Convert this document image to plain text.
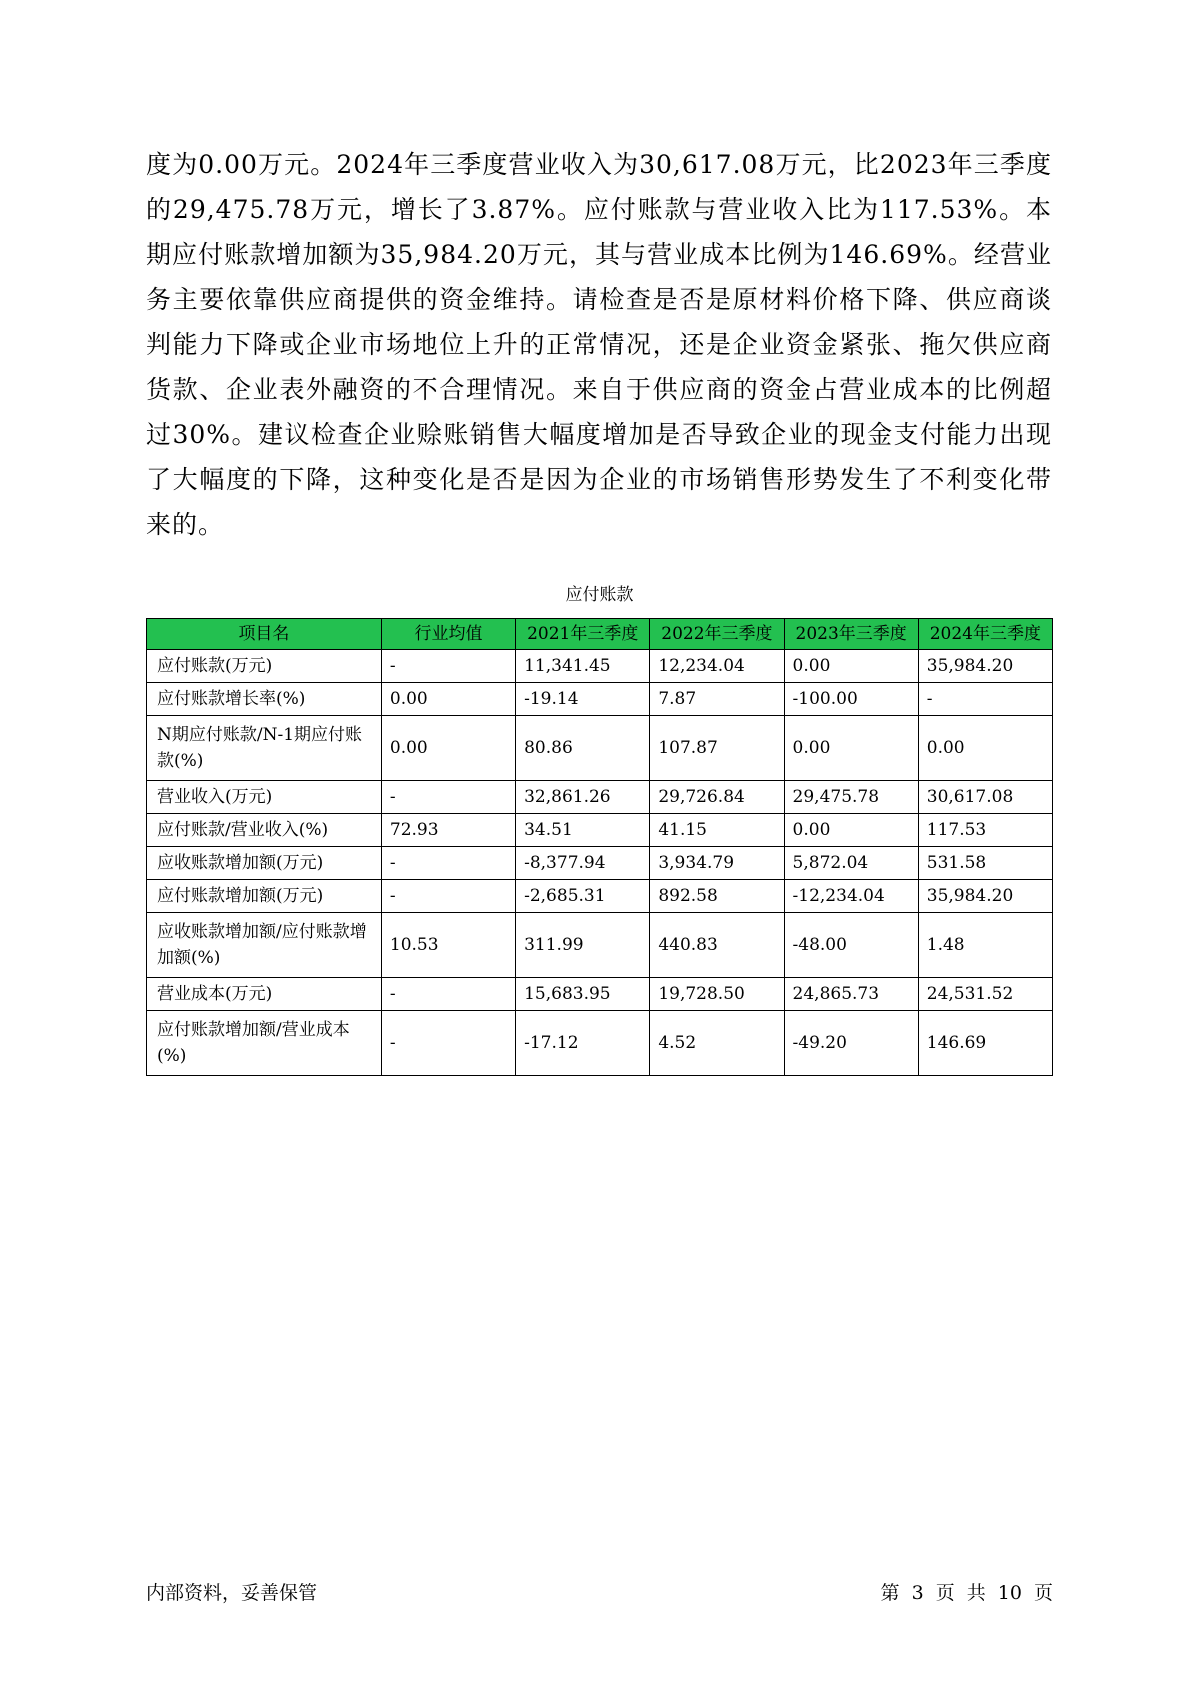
度为0.00万元。2024年三季度营业收入为30,617.08万元，比2023年三季度的29,475.78万元，增长了3.87%。应付账款与营业收入比为117.53%。本期应付账款增加额为35,984.20万元，其与营业成本比例为146.69%。经营业务主要依靠供应商提供的资金维持。请检查是否是原材料价格下降、供应商谈判能力下降或企业市场地位上升的正常情况，还是企业资金紧张、拖欠供应商货款、企业表外融资的不合理情况。来自于供应商的资金占营业成本的比例超过30%。建议检查企业赊账销售大幅度增加是否导致企业的现金支付能力出现了大幅度的下降，这种变化是否是因为企业的市场销售形势发生了不利变化带来的。

应付账款
项目名	行业均值	2021年三季度	2022年三季度	2023年三季度	2024年三季度
应付账款(万元)	-	11,341.45	12,234.04	0.00	35,984.20
应付账款增长率(%)	0.00	-19.14	7.87	-100.00	-
N期应付账款/N-1期应付账款(%)	0.00	80.86	107.87	0.00	0.00
营业收入(万元)	-	32,861.26	29,726.84	29,475.78	30,617.08
应付账款/营业收入(%)	72.93	34.51	41.15	0.00	117.53
应收账款增加额(万元)	-	-8,377.94	3,934.79	5,872.04	531.58
应付账款增加额(万元)	-	-2,685.31	892.58	-12,234.04	35,984.20
应收账款增加额/应付账款增加额(%)	10.53	311.99	440.83	-48.00	1.48
营业成本(万元)	-	15,683.95	19,728.50	24,865.73	24,531.52
应付账款增加额/营业成本(%)	-	-17.12	4.52	-49.20	146.69
内部资料，妥善保管	第 3 页 共 10 页
